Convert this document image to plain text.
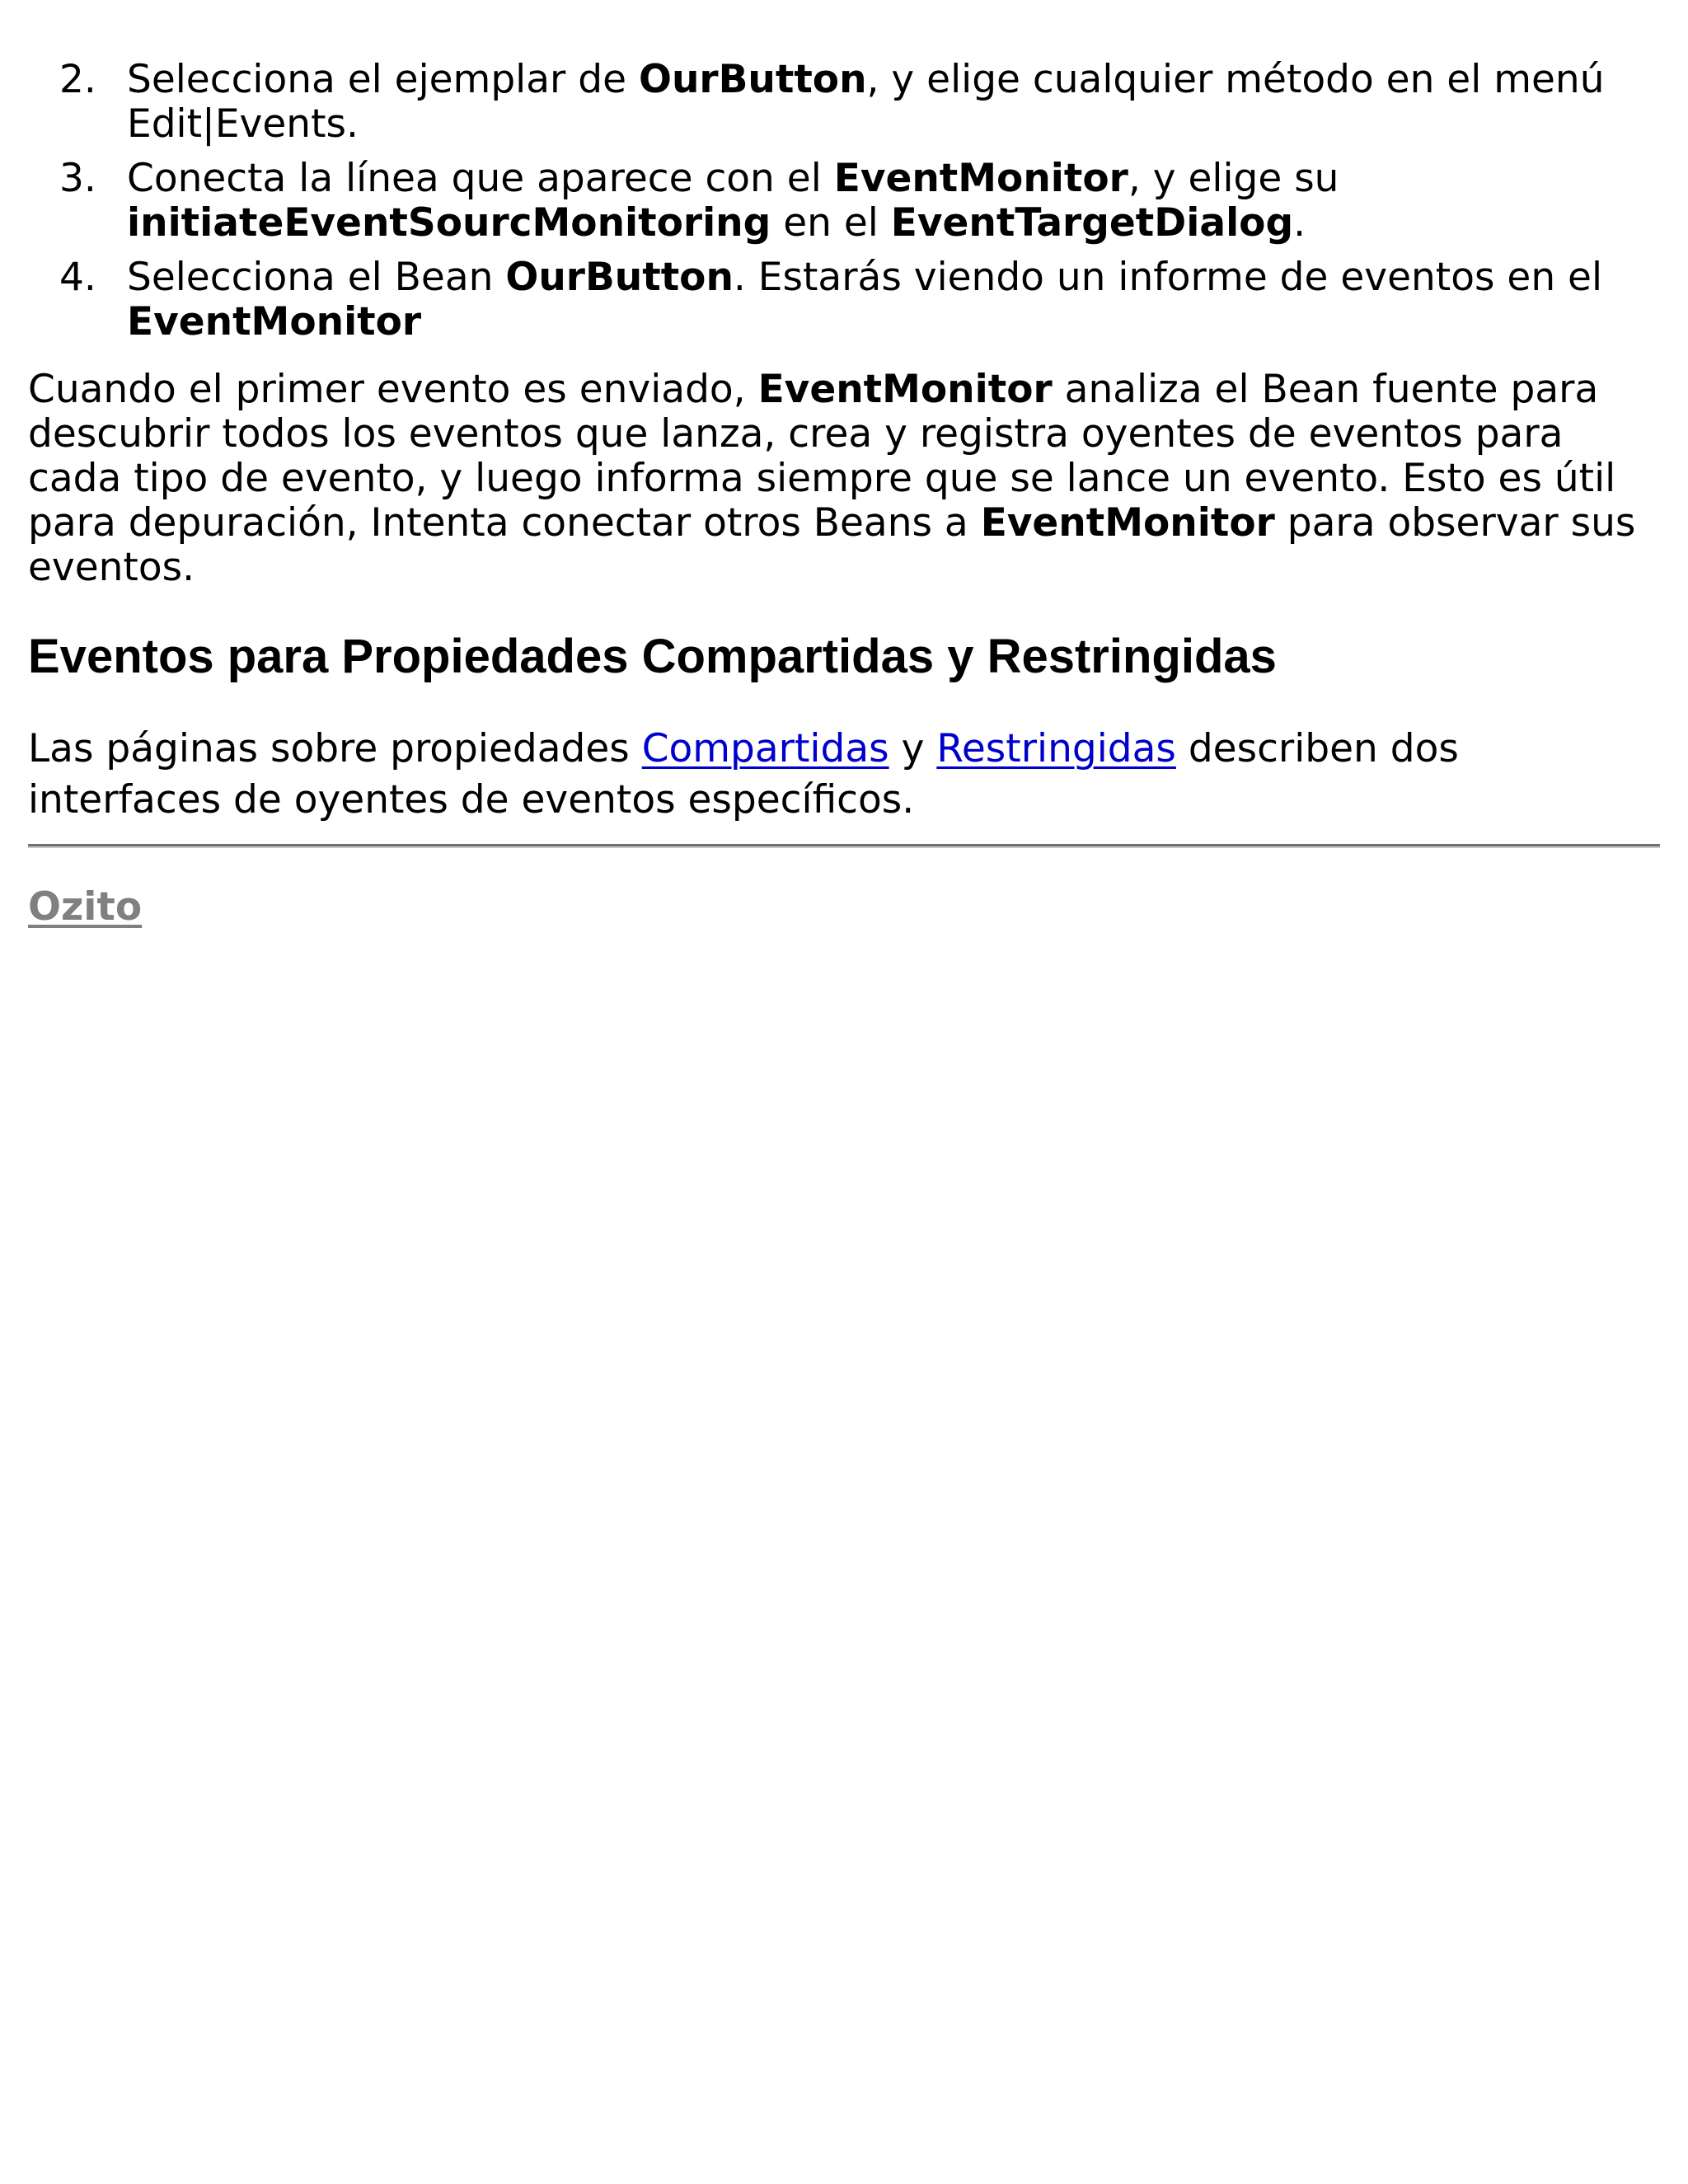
2. Selecciona el ejemplar de OurButton, y elige cualquier método en el menú Edit|Events.
3. Conecta la línea que aparece con el EventMonitor, y elige su initiateEventSourcMonitoring en el EventTargetDialog.
4. Selecciona el Bean OurButton. Estarás viendo un informe de eventos en el EventMonitor

Cuando el primer evento es enviado, EventMonitor analiza el Bean fuente para descubrir todos los eventos que lanza, crea y registra oyentes de eventos para cada tipo de evento, y luego informa siempre que se lance un evento. Esto es útil para depuración, Intenta conectar otros Beans a EventMonitor para observar sus eventos.

Eventos para Propiedades Compartidas y Restringidas

Las páginas sobre propiedades Compartidas y Restringidas describen dos interfaces de oyentes de eventos específicos.

Ozito
